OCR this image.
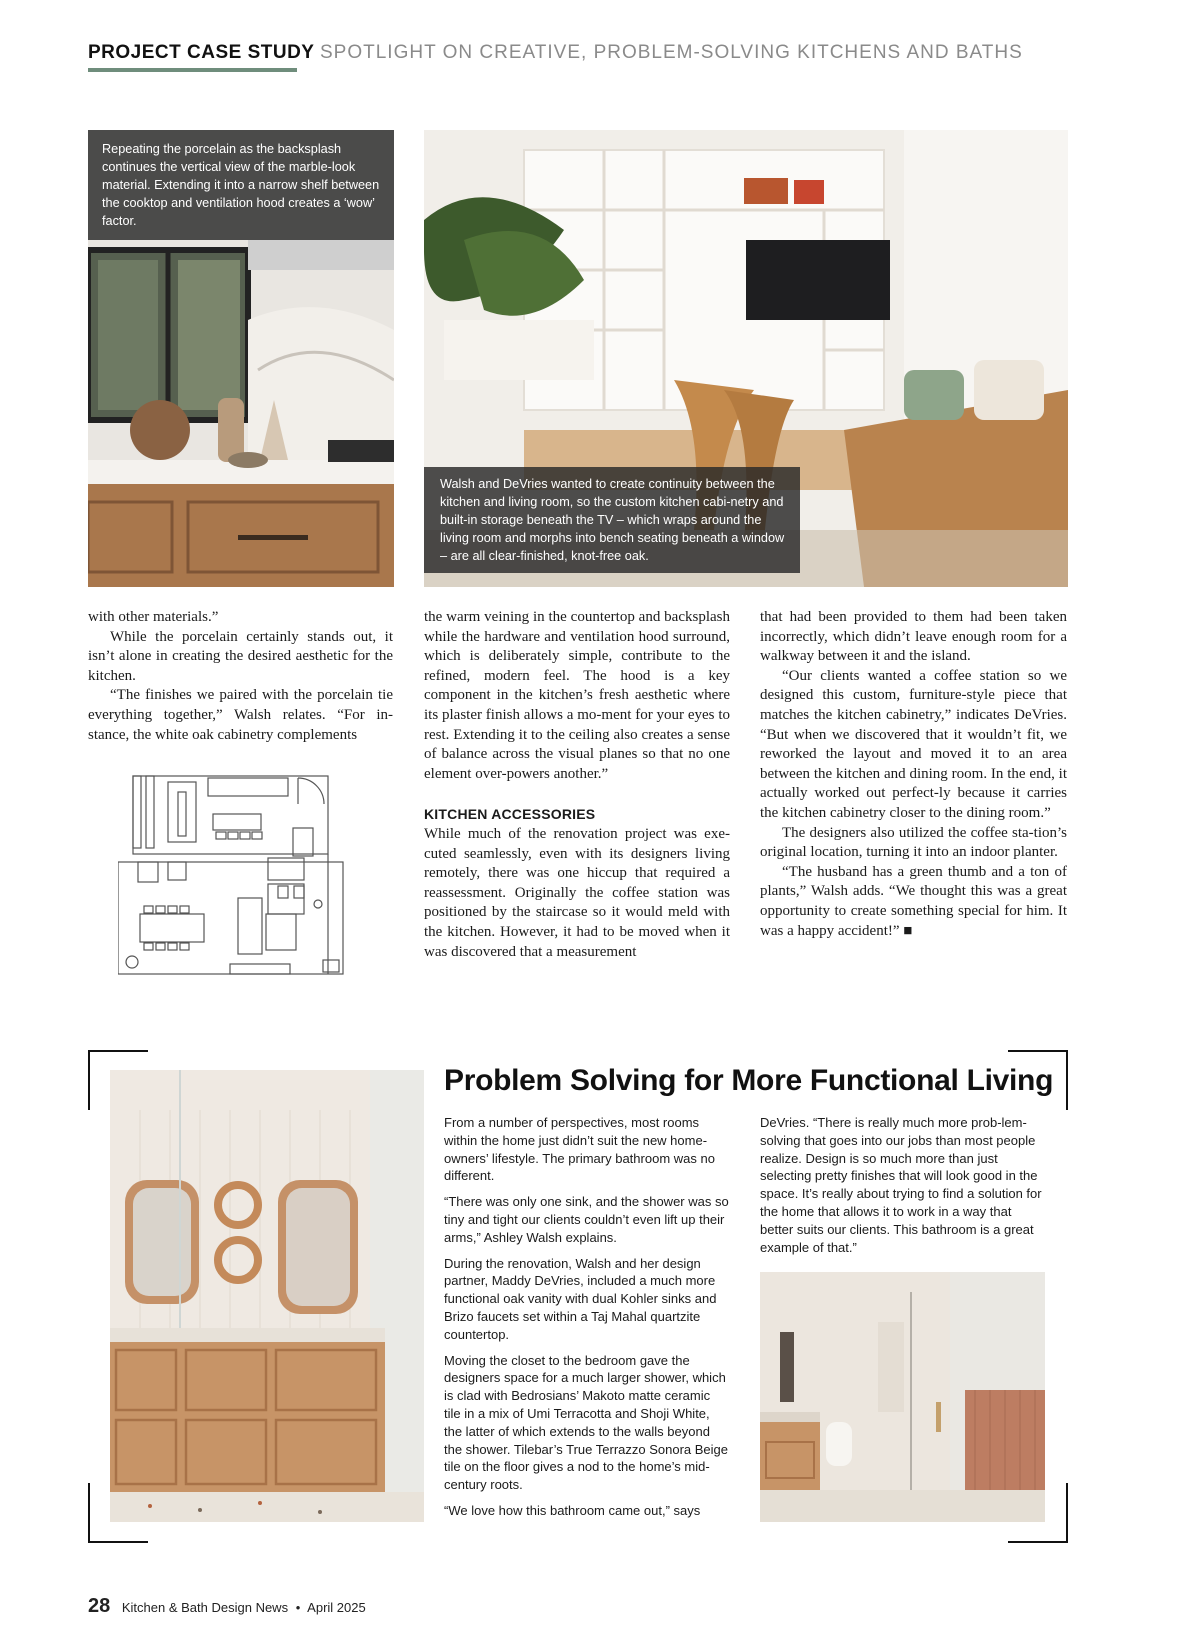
PROJECT CASE STUDY SPOTLIGHT ON CREATIVE, PROBLEM-SOLVING KITCHENS AND BATHS
Repeating the porcelain as the backsplash continues the vertical view of the marble-look material. Extending it into a narrow shelf between the cooktop and ventilation hood creates a ‘wow’ factor.
Walsh and DeVries wanted to create continuity between the kitchen and living room, so the custom kitchen cabi-netry and built-in storage beneath the TV – which wraps around the living room and morphs into bench seating beneath a window – are all clear-finished, knot-free oak.

with other materials.”

While the porcelain certainly stands out, it isn’t alone in creating the desired aesthetic for the kitchen.

“The finishes we paired with the porcelain tie everything together,” Walsh relates. “For in-stance, the white oak cabinetry complements

the warm veining in the countertop and backsplash while the hardware and ventilation hood surround, which is deliberately simple, contribute to the refined, modern feel. The hood is a key component in the kitchen’s fresh aesthetic where its plaster finish allows a mo-ment for your eyes to rest. Extending it to the ceiling also creates a sense of balance across the visual planes so that no one element over-powers another.”

KITCHEN ACCESSORIES

While much of the renovation project was exe-cuted seamlessly, even with its designers living remotely, there was one hiccup that required a reassessment. Originally the coffee station was positioned by the staircase so it would meld with the kitchen. However, it had to be moved when it was discovered that a measurement

that had been provided to them had been taken incorrectly, which didn’t leave enough room for a walkway between it and the island.

“Our clients wanted a coffee station so we designed this custom, furniture-style piece that matches the kitchen cabinetry,” indicates DeVries. “But when we discovered that it wouldn’t fit, we reworked the layout and moved it to an area between the kitchen and dining room. In the end, it actually worked out perfect-ly because it carries the kitchen cabinetry closer to the dining room.”

The designers also utilized the coffee sta-tion’s original location, turning it into an indoor planter.

“The husband has a green thumb and a ton of plants,” Walsh adds. “We thought this was a great opportunity to create something special for him. It was a happy accident!” ■

Problem Solving for More Functional Living

From a number of perspectives, most rooms within the home just didn’t suit the new home-owners’ lifestyle. The primary bathroom was no different.

“There was only one sink, and the shower was so tiny and tight our clients couldn’t even lift up their arms,” Ashley Walsh explains.

During the renovation, Walsh and her design partner, Maddy DeVries, included a much more functional oak vanity with dual Kohler sinks and Brizo faucets set within a Taj Mahal quartzite countertop.

Moving the closet to the bedroom gave the designers space for a much larger shower, which is clad with Bedrosians’ Makoto matte ceramic tile in a mix of Umi Terracotta and Shoji White, the latter of which extends to the walls beyond the shower. Tilebar’s True Terrazzo Sonora Beige tile on the floor gives a nod to the home’s mid-century roots.

“We love how this bathroom came out,” says

DeVries. “There is really much more prob-lem-solving that goes into our jobs than most people realize. Design is so much more than just selecting pretty finishes that will look good in the space. It’s really about trying to find a solution for the home that allows it to work in a way that better suits our clients. This bathroom is a great example of that.”

28 Kitchen & Bath Design News • April 2025
